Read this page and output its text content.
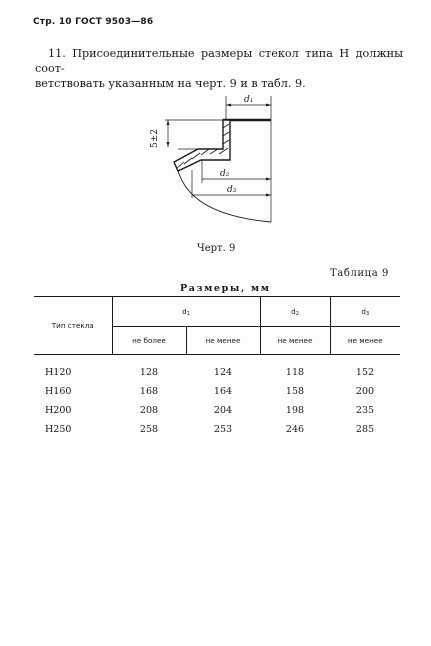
Стр. 10 ГОСТ 9503—86
11. Присоединительные размеры стекол типа Н должны соот-
ветствовать указанным на черт. 9 и в табл. 9.
5±2
d₁
d₂
d₃
Черт. 9
Таблица 9
Размеры, мм
Тип стекла	$d_1$		$d_2$	$d_3$
	не более	не менее	не менее	не менее
Н120	128	124	118	152
Н160	168	164	158	200
Н200	208	204	198	235
Н250	258	253	246	285
